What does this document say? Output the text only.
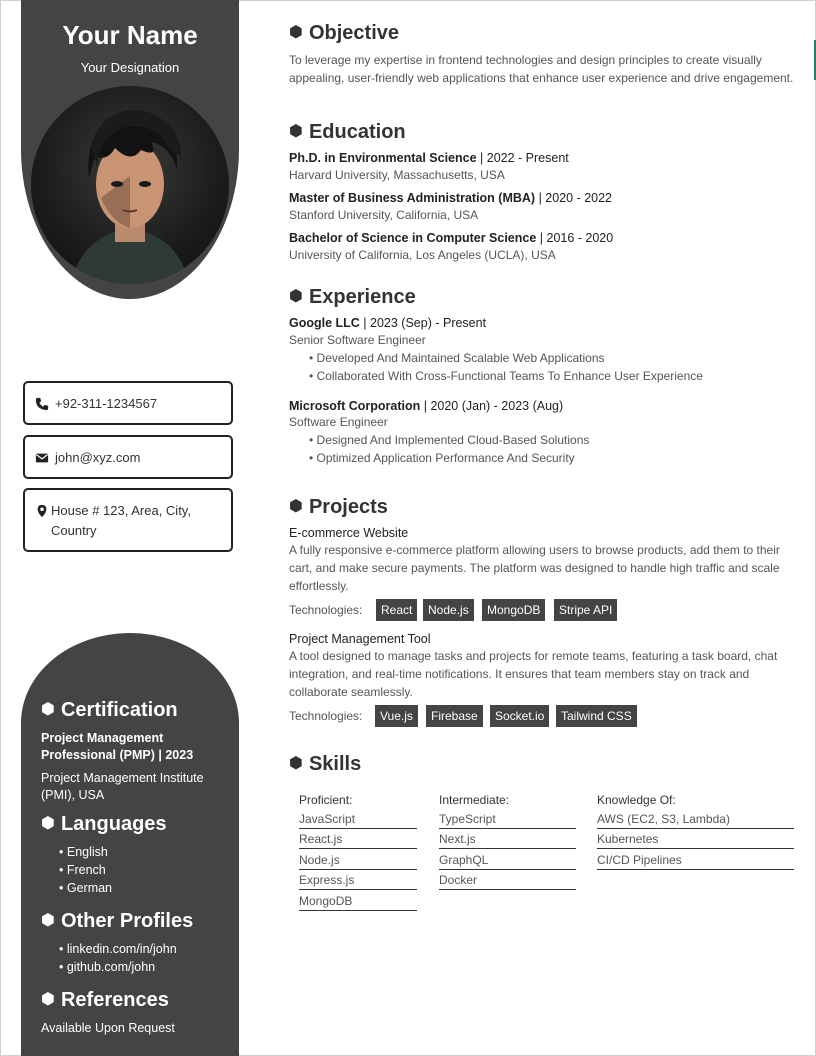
Your Name
Your Designation
+92-311-1234567
john@xyz.com
House # 123, Area, City, Country
⬢ Certification
Project Management Professional (PMP) | 2023
Project Management Institute (PMI), USA
⬢ Languages
• English
• French
• German
⬢ Other Profiles
• linkedin.com/in/john
• github.com/john
⬢ References
Available Upon Request
⬢ Objective
To leverage my expertise in frontend technologies and design principles to create visually appealing, user-friendly web applications that enhance user experience and drive engagement.
⬢ Education
Ph.D. in Environmental Science | 2022 - Present
Harvard University, Massachusetts, USA
Master of Business Administration (MBA) | 2020 - 2022
Stanford University, California, USA
Bachelor of Science in Computer Science | 2016 - 2020
University of California, Los Angeles (UCLA), USA
⬢ Experience
Google LLC | 2023 (Sep) - Present
Senior Software Engineer
• Developed And Maintained Scalable Web Applications
• Collaborated With Cross-Functional Teams To Enhance User Experience
Microsoft Corporation | 2020 (Jan) - 2023 (Aug)
Software Engineer
• Designed And Implemented Cloud-Based Solutions
• Optimized Application Performance And Security
⬢ Projects
E-commerce Website
A fully responsive e-commerce platform allowing users to browse products, add them to their cart, and make secure payments. The platform was designed to handle high traffic and scale effortlessly.
Technologies:	React	Node.js	MongoDB	Stripe API
Project Management Tool
A tool designed to manage tasks and projects for remote teams, featuring a task board, chat integration, and real-time notifications. It ensures that team members stay on track and collaborate seamlessly.
Technologies:	Vue.js	Firebase	Socket.io	Tailwind CSS
⬢ Skills
Proficient:
JavaScript
React.js
Node.js
Express.js
MongoDB
Intermediate:
TypeScript
Next.js
GraphQL
Docker
Knowledge Of:
AWS (EC2, S3, Lambda)
Kubernetes
CI/CD Pipelines
